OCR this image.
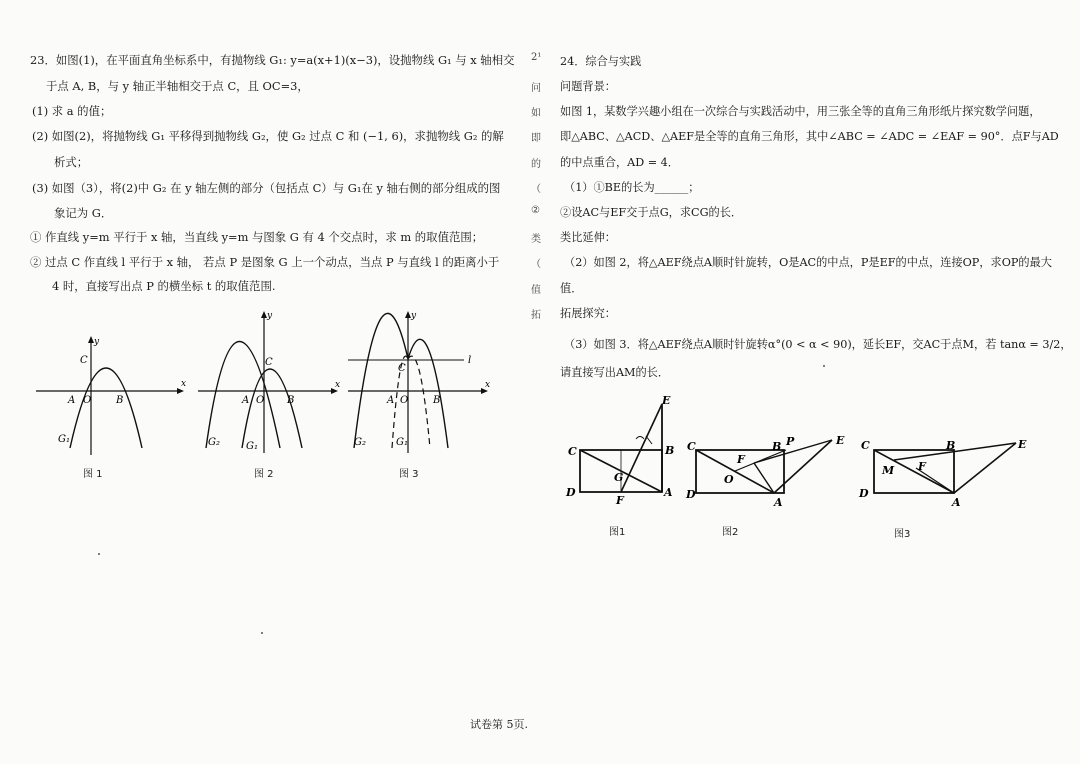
23．如图(1)，在平面直角坐标系中，有抛物线 G₁: y=a(x+1)(x−3)，设抛物线 G₁ 与 x 轴相交
于点 A, B，与 y 轴正半轴相交于点 C，且 OC=3，
(1) 求 a 的值；
(2) 如图(2)，将抛物线 G₁ 平移得到抛物线 G₂，使 G₂ 过点 C 和 (−1, 6)，求抛物线 G₂ 的解
析式；
(3) 如图（3），将(2)中 G₂ 在 y 轴左侧的部分（包括点 C）与 G₁在 y 轴右侧的部分组成的图
象记为 G．
① 作直线 y=m 平行于 x 轴，当直线 y=m 与图象 G 有 4 个交点时，求 m 的取值范围；
② 过点 C 作直线 l 平行于 x 轴， 若点 P 是图象 G 上一个动点，当点 P 与直线 l 的距离小于
4 时，直接写出点 P 的横坐标 t 的取值范围.
y
x
C
A O B
G₁
图 1
y
x
C
A O B
G₂	G₁
图 2
y
x
l
C
A O B
G₂	G₁
图 3
2¹
问
如
即
的
（
②
类
（
值
拓
24．综合与实践
问题背景：
如图 1，某数学兴趣小组在一次综合与实践活动中，用三张全等的直角三角形纸片探究数学问题，
即△ABC、△ACD、△AEF是全等的直角三角形，其中∠ABC = ∠ADC = ∠EAF = 90°．点F与AD
的中点重合，AD = 4．
（1）①BE的长为______；
②设AC与EF交于点G，求CG的长．
类比延伸：
（2）如图 2，将△AEF绕点A顺时针旋转，O是AC的中点，P是EF的中点，连接OP，求OP的最大
值．
拓展探究：
（3）如图 3．将△AEF绕点A顺时针旋转α°(0 < α < 90)，延长EF，交AC于点M，若 tanα = 3/2，
请直接写出AM的长．
C	B
E
D	A
F
G
图1
C	B P	E
F
O
D
A
图2
C	B	E
M F
D
A
图3
试卷第 5页.
